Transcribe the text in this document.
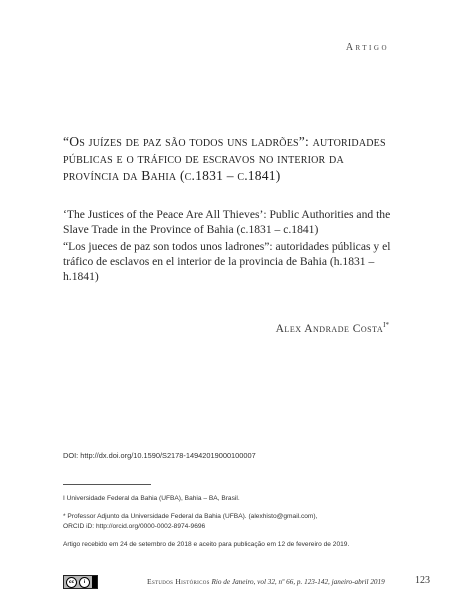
Artigo
“Os juízes de paz são todos uns ladrões”: autoridades públicas e o tráfico de escravos no interior da província da Bahia (c.1831 – c.1841)
‘The Justices of the Peace Are All Thieves’: Public Authorities and the Slave Trade in the Province of Bahia (c.1831 – c.1841)
“Los jueces de paz son todos unos ladrones”: autoridades públicas y el tráfico de esclavos en el interior de la provincia de Bahia (h.1831 – h.1841)
Alex Andrade Costa$^{I*}$
DOI: http://dx.doi.org/10.1590/S2178-14942019000100007
I Universidade Federal da Bahia (UFBA), Bahia – BA, Brasil.
* Professor Adjunto da Universidade Federal da Bahia (UFBA). (alexhisto@gmail.com),
ORCID iD: http://orcid.org/0000-0002-8974-9696
Artigo recebido em 24 de setembro de 2018 e aceito para publicação em 12 de fevereiro de 2019.
cc	i	Estudos Históricos Rio de Janeiro, vol 32, nº 66, p. 123-142, janeiro-abril 2019	123
